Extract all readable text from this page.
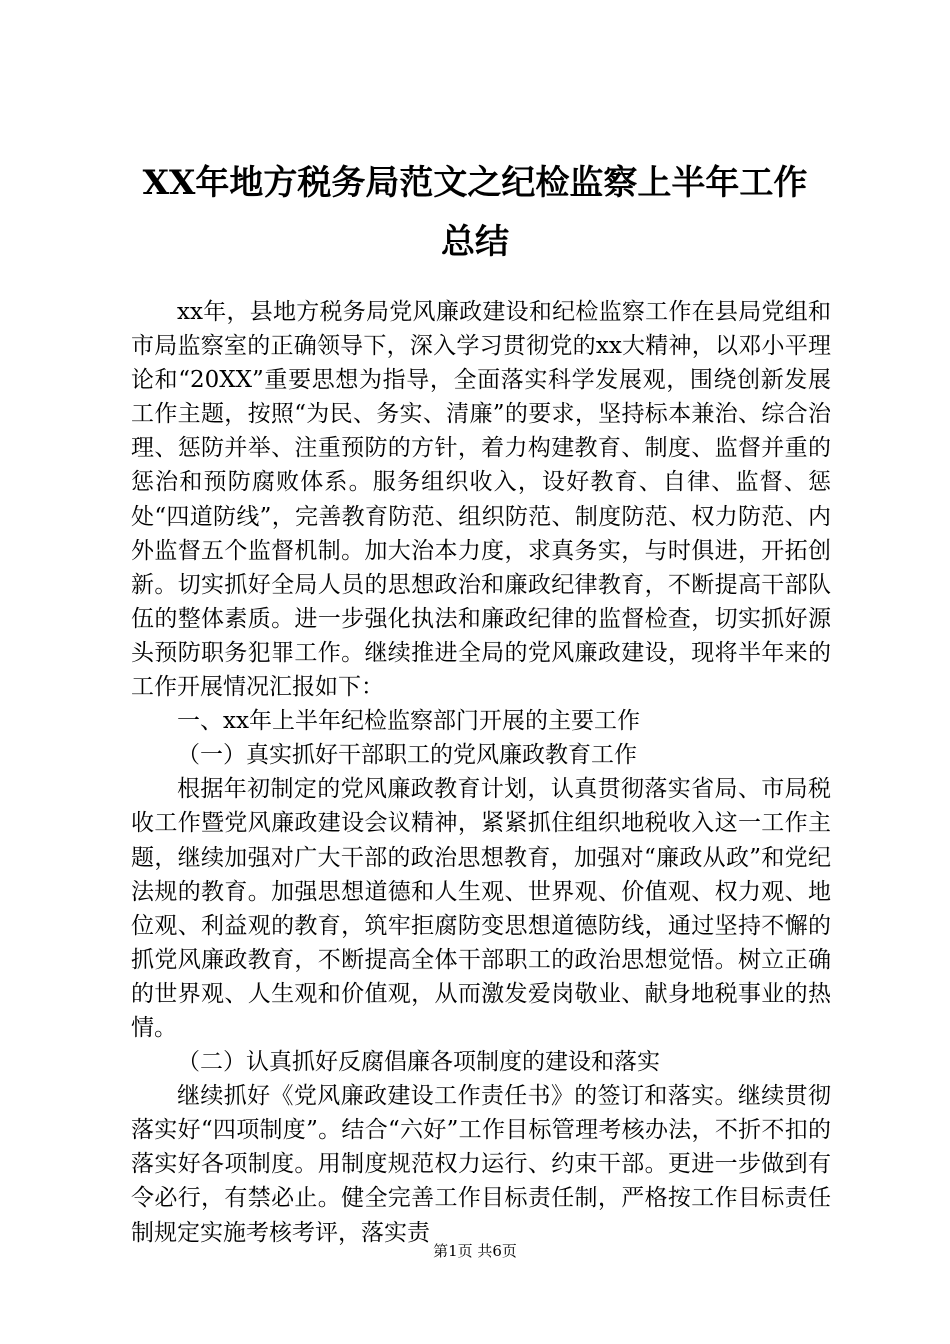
XX年地方税务局范文之纪检监察上半年工作
总结

xx年，县地方税务局党风廉政建设和纪检监察工作在县局党组和市局监察室的正确领导下，深入学习贯彻党的xx大精神，以邓小平理论和“20XX”重要思想为指导，全面落实科学发展观，围绕创新发展工作主题，按照“为民、务实、清廉”的要求，坚持标本兼治、综合治理、惩防并举、注重预防的方针，着力构建教育、制度、监督并重的惩治和预防腐败体系。服务组织收入，设好教育、自律、监督、惩处“四道防线”，完善教育防范、组织防范、制度防范、权力防范、内外监督五个监督机制。加大治本力度，求真务实，与时俱进，开拓创新。切实抓好全局人员的思想政治和廉政纪律教育，不断提高干部队伍的整体素质。进一步强化执法和廉政纪律的监督检查，切实抓好源头预防职务犯罪工作。继续推进全局的党风廉政建设，现将半年来的工作开展情况汇报如下：

一、xx年上半年纪检监察部门开展的主要工作

（一）真实抓好干部职工的党风廉政教育工作

根据年初制定的党风廉政教育计划，认真贯彻落实省局、市局税收工作暨党风廉政建设会议精神，紧紧抓住组织地税收入这一工作主题，继续加强对广大干部的政治思想教育，加强对“廉政从政”和党纪法规的教育。加强思想道德和人生观、世界观、价值观、权力观、地位观、利益观的教育，筑牢拒腐防变思想道德防线，通过坚持不懈的抓党风廉政教育，不断提高全体干部职工的政治思想觉悟。树立正确的世界观、人生观和价值观，从而激发爱岗敬业、献身地税事业的热情。

（二）认真抓好反腐倡廉各项制度的建设和落实

继续抓好《党风廉政建设工作责任书》的签订和落实。继续贯彻落实好“四项制度”。结合“六好”工作目标管理考核办法，不折不扣的落实好各项制度。用制度规范权力运行、约束干部。更进一步做到有令必行，有禁必止。健全完善工作目标责任制，严格按工作目标责任制规定实施考核考评，落实责

第1页 共6页
